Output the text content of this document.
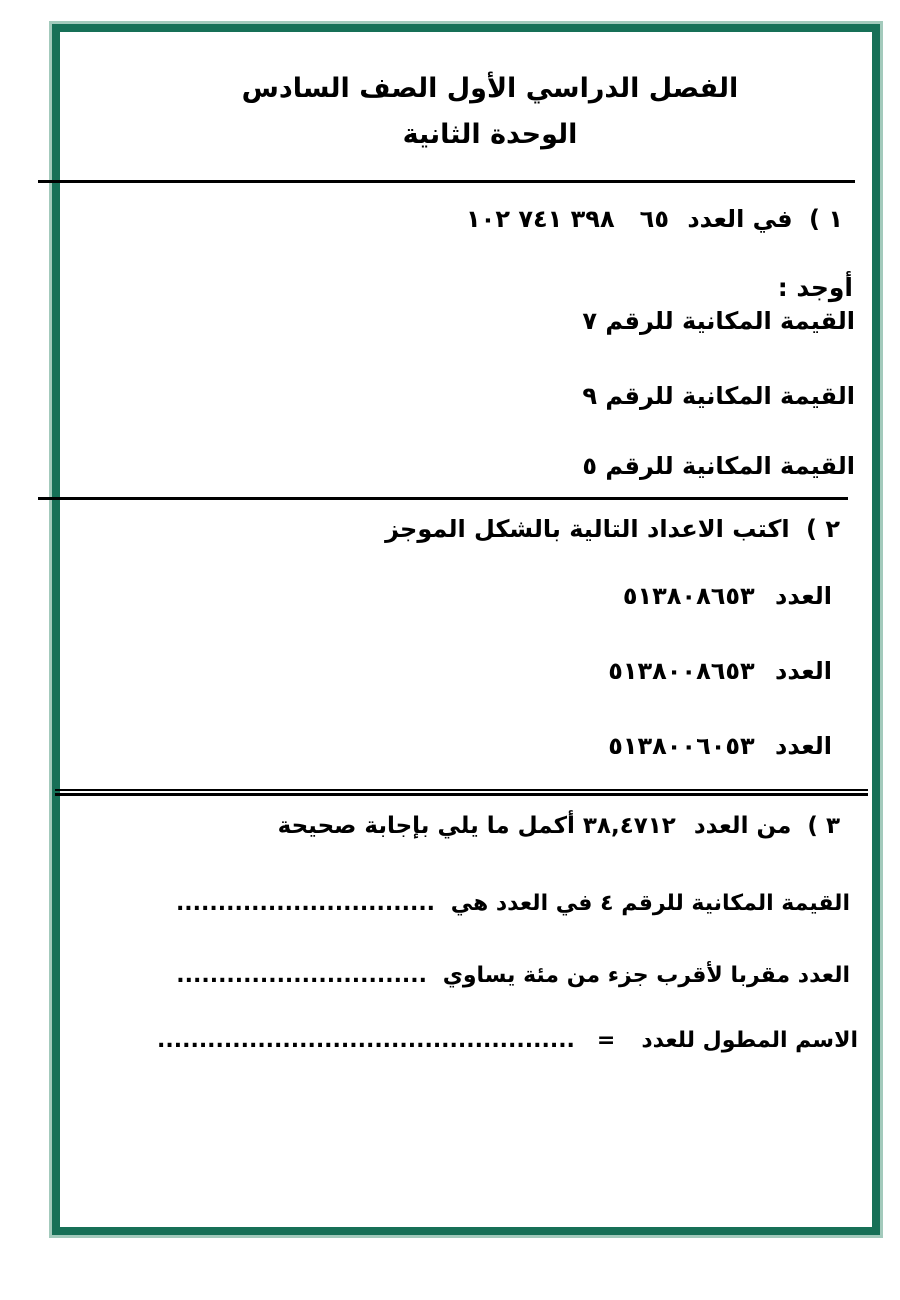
الفصل الدراسي الأول الصف السادس
الوحدة الثانية
١ ) في العدد ٦٥   ٣٩٨ ٧٤١ ١٠٢
أوجد :
القيمة المكانية للرقم ٧
القيمة المكانية للرقم ٩
القيمة المكانية للرقم ٥
٢ ) اكتب الاعداد التالية بالشكل الموجز
العدد ٥١٣٨٠٨٦٥٣
العدد ٥١٣٨٠٠٨٦٥٣
العدد ٥١٣٨٠٠٦٠٥٣
٣ ) من العدد ٣٨,٤٧١٢ أكمل ما يلي بإجابة صحيحة
القيمة المكانية للرقم ٤ في العدد هي ...............................
العدد مقربا لأقرب جزء من مئة يساوي ..............................
الاسم المطول للعدد=..................................................
